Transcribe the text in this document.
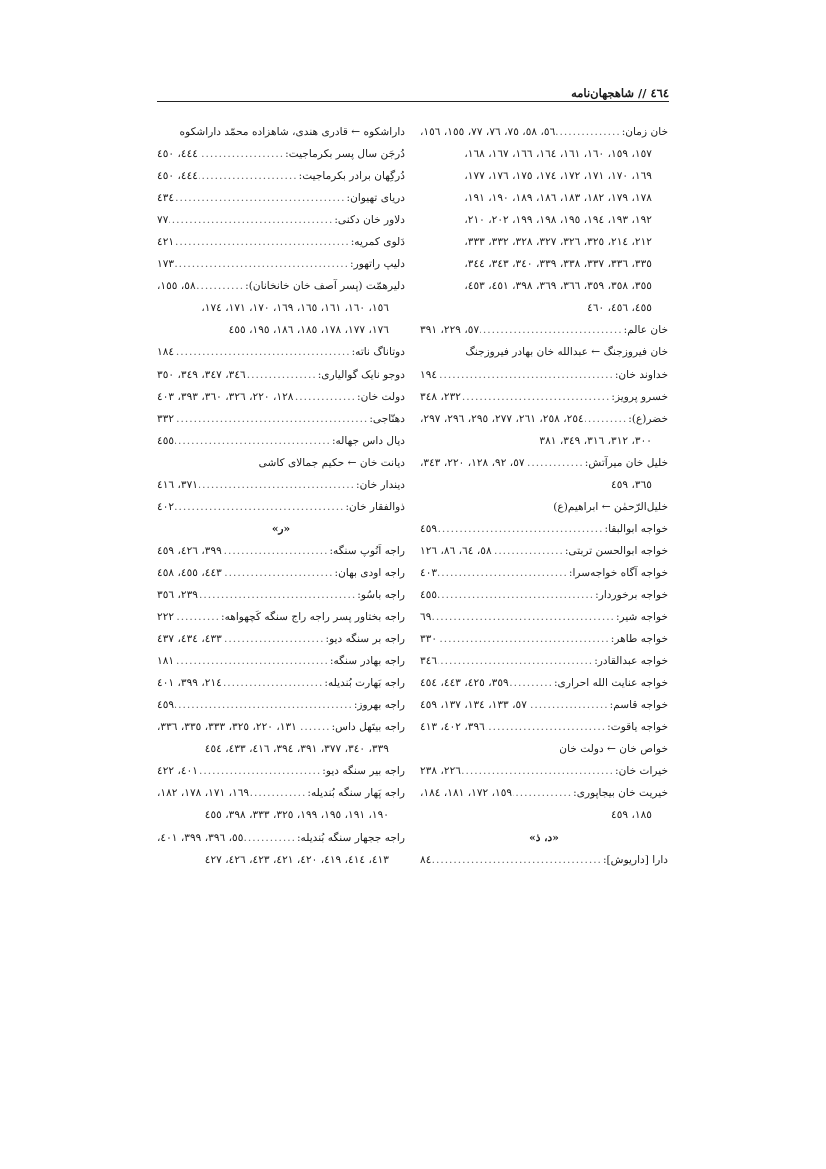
٤٦٤ // شاهجهان‌نامه
خان زمان:
.....
٥٦، ٥٨، ٧٥، ٧٦، ٧٧، ١٥٥، ١٥٦،
١٥٧، ١٥٩، ١٦٠، ١٦١، ١٦٤، ١٦٦، ١٦٧، ١٦٨،
١٦٩، ١٧٠، ١٧١، ١٧٢، ١٧٤، ١٧٥، ١٧٦، ١٧٧،
١٧٨، ١٧٩، ١٨٢، ١٨٣، ١٨٦، ١٨٩، ١٩٠، ١٩١،
١٩٢، ١٩٣، ١٩٤، ١٩٥، ١٩٨، ١٩٩، ٢٠٢، ٢١٠،
٢١٢، ٢١٤، ٣٢٥، ٣٢٦، ٣٢٧، ٣٢٨، ٣٣٢، ٣٣٣،
٣٣٥، ٣٣٦، ٣٣٧، ٣٣٨، ٣٣٩، ٣٤٠، ٣٤٣، ٣٤٤،
٣٥٥، ٣٥٨، ٣٥٩، ٣٦٦، ٣٦٩، ٣٩٨، ٤٥١، ٤٥٣،
٤٥٥، ٤٥٦، ٤٦٠
خان عالم:
.....
٥٧، ٢٢٩، ٣٩١
خان فیروزجنگ ← عبدالله خان بهادر فیروزجنگ
خداوند خان:
.....
١٩٤
خسرو پرویز:
.....
٢٣٢، ٣٤٨
خضر(ع):
.....
٢٥٤، ٢٥٨، ٢٦١، ٢٧٧، ٢٩٥، ٢٩٦، ٢٩٧،
٣٠٠، ٣١٢، ٣١٦، ٣٤٩، ٣٨١
خلیل خان میرآتش:
.....
٥٧، ٩٢، ١٢٨، ٢٢٠، ٣٤٣،
٣٦٥، ٤٥٩
خلیل‌الرّحمٰن ← ابراهیم(ع)
خواجه ابوالبقا:
.....
٤٥٩
خواجه ابوالحسن تربتی:
.....
٥٨، ٦٤، ٨٦، ١٢٦
خواجه آگاه خواجه‌سرا:
.....
٤٠٣
خواجه برخوردار:
.....
٤٥٥
خواجه شیر:
.....
٦٩
خواجه طاهر:
.....
٣٣٠
خواجه عبدالقادر:
.....
٣٤٦
خواجه عنایت الله احراری:
.....
٣٥٩، ٤٢٥، ٤٤٣، ٤٥٤
خواجه قاسم:
.....
٥٧، ١٣٣، ١٣٤، ١٣٧، ٤٥٩
خواجه یاقوت:
.....
٣٩٦، ٤٠٢، ٤١٣
خواص خان ← دولت خان
خیرات خان:
.....
٢٢٦، ٢٣٨
خیریت خان بیجاپوری:
.....
١٥٩، ١٧٢، ١٨١، ١٨٤،
١٨٥، ٤٥٩
«د، ذ»
دارا [داریوش]:
.....
٨٤
داراشکوه ← قادری هندی، شاهزاده محمّد داراشکوه
دُرجَن سال پسر بکرماجیت:
.....
٤٤٤، ٤٥٠
دُرگِهان برادر بکرماجیت:
.....
٤٤٤، ٤٥٠
دریای تهیوان:
.....
٤٣٤
دلاور خان دکنی:
.....
٧٧
دَلوی کمریه:
.....
٤٢١
دلیپ راتهور:
.....
١٧٣
دلیرهمّت (پسر آصف خان خانخانان):
.....
٥٨، ١٥٥،
١٥٦، ١٦٠، ١٦١، ١٦٥، ١٦٩، ١٧٠، ١٧١، ١٧٤،
١٧٦، ١٧٧، ١٧٨، ١٨٥، ١٨٦، ١٩٥، ٤٥٥
دوتاناگ ناته:
.....
١٨٤
دوجو نایک گوالیاری:
.....
٣٤٦، ٣٤٧، ٣٤٩، ٣٥٠
دولت خان:
.....
١٢٨، ٢٢٠، ٣٢٦، ٣٦٠، ٣٩٣، ٤٠٣
دهنّاجی:
.....
٣٣٢
دیال داس جهاله:
.....
٤٥٥
دیانت خان ← حکیم جمالای کاشی
دیندار خان:
.....
٣٧١، ٤١٦
ذوالفقار خان:
.....
٤٠٢
«ر»
راجه اَنُوپ سنگه:
.....
٣٩٩، ٤٢٦، ٤٥٩
راجه اودی بهان:
.....
٤٤٣، ٤٥٥، ٤٥٨
راجه باسُو:
.....
٢٣٩، ٣٥٦
راجه بختاور پسر راجه راج سنگه کَچهواهه:
.....
٢٢٢
راجه بر سنگه دیو:
.....
٤٣٣، ٤٣٤، ٤٣٧
راجه بهادر سنگه:
.....
١٨١
راجه بَهارت بُندیله:
.....
٢١٤، ٣٩٩، ٤٠١
راجه بهروز:
.....
٤٥٩
راجه بیتَهل داس:
.....
١٣١، ٢٢٠، ٣٢٥، ٣٣٣، ٣٣٥، ٣٣٦،
٣٣٩، ٣٤٠، ٣٧٧، ٣٩١، ٣٩٤، ٤١٦، ٤٣٣، ٤٥٤
راجه بیر سنگه دیو:
.....
٤٠١، ٤٢٢
راجه پَهار سنگه بُندیله:
.....
١٦٩، ١٧١، ١٧٨، ١٨٢،
١٩٠، ١٩١، ١٩٥، ١٩٩، ٣٢٥، ٣٣٣، ٣٩٨، ٤٥٥
راجه ججهار سنگه بُندیله:
.....
٥٥، ٣٩٦، ٣٩٩، ٤٠١،
٤١٣، ٤١٤، ٤١٩، ٤٢٠، ٤٢١، ٤٢٣، ٤٢٦، ٤٢٧
